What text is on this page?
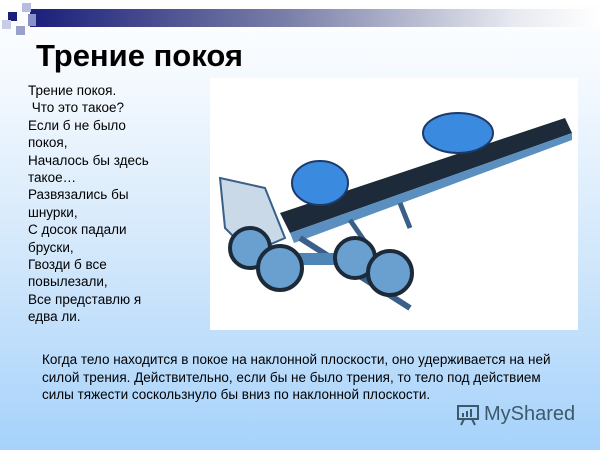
Трение покоя
Трение покоя.
Что это такое?
Если б не было
покоя,
Началось бы здесь
такое…
Развязались бы
шнурки,
С досок падали
бруски,
Гвозди б все
повылезали,
Все представлю я
едва ли.
Когда тело находится в покое на наклонной плоскости, оно удерживается на ней силой трения. Действительно, если бы не было трения, то тело под действием силы тяжести соскользнуло бы вниз по наклонной плоскости.
MyShared
